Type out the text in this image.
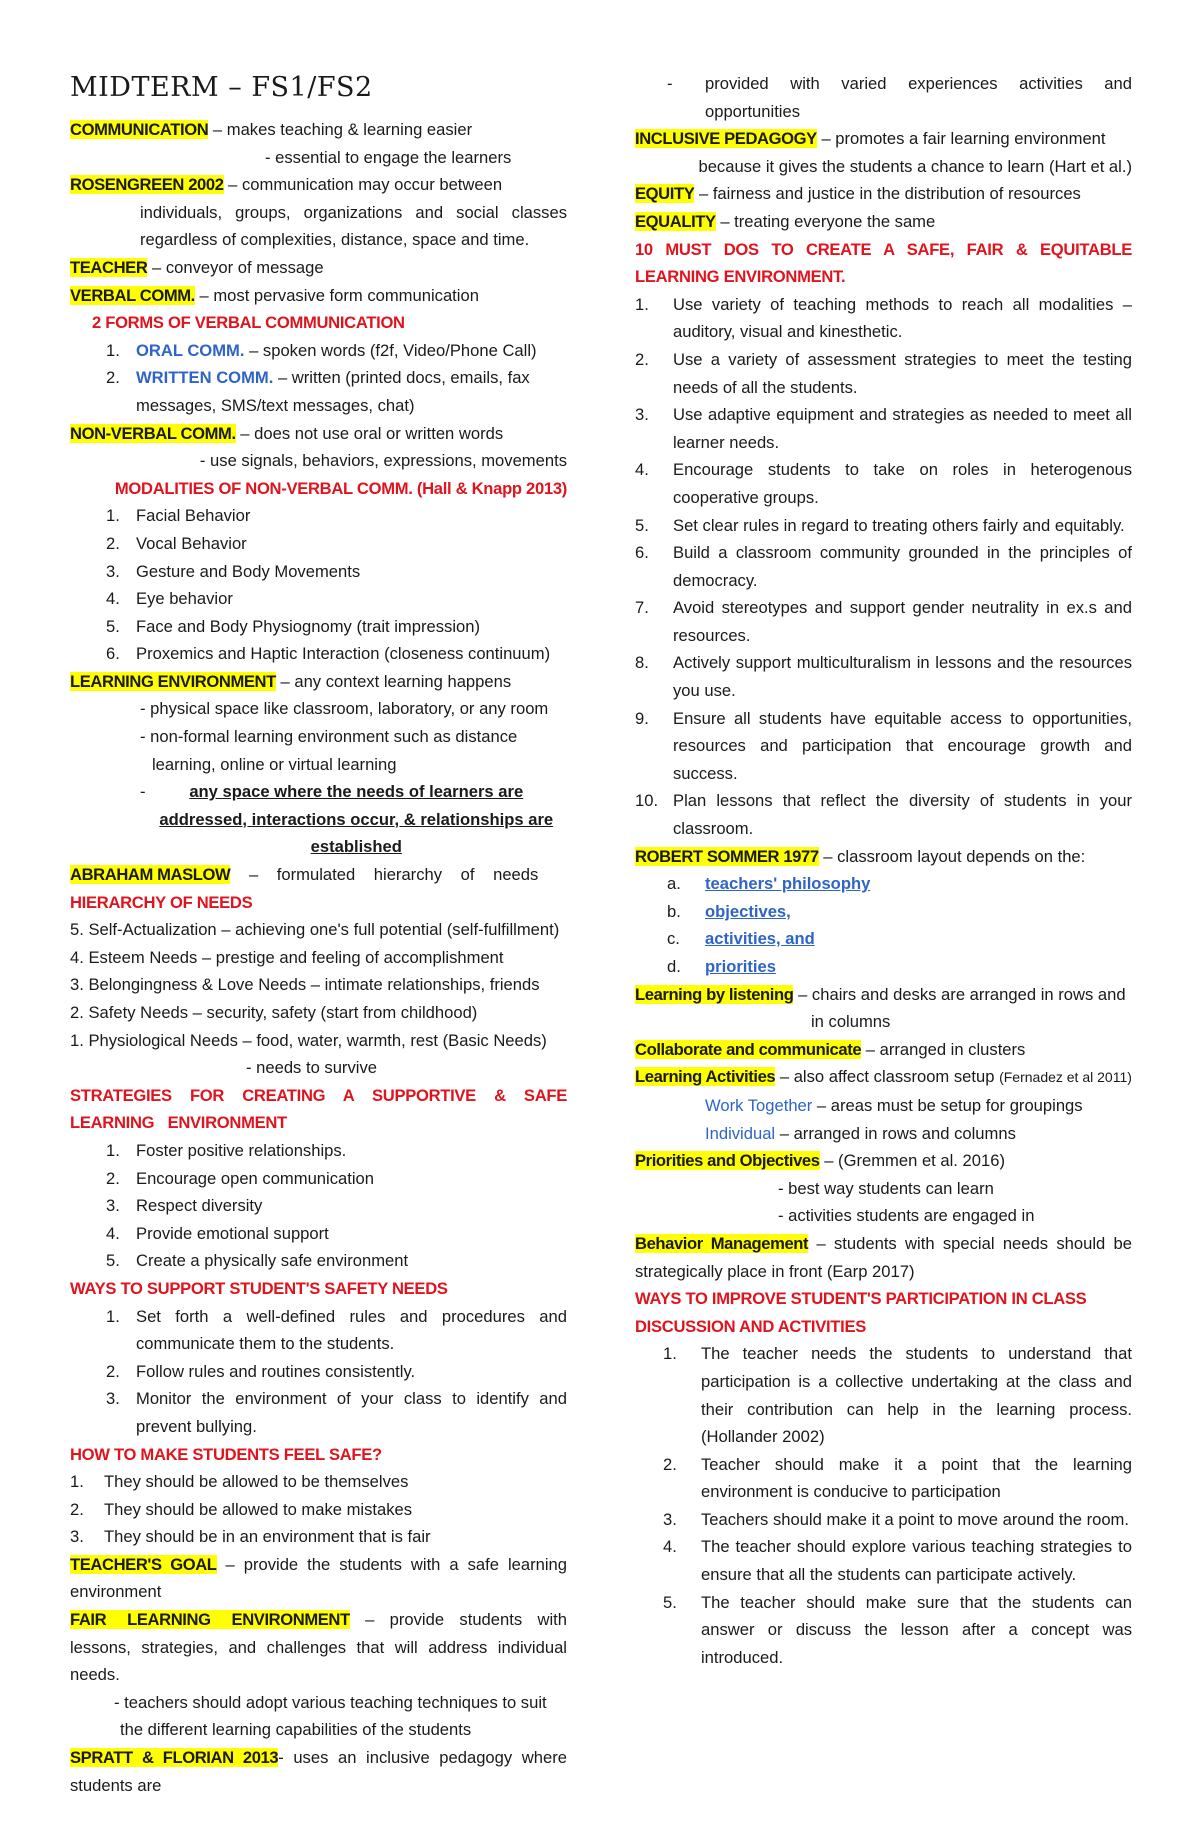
MIDTERM – FS1/FS2

COMMUNICATION – makes teaching & learning easier

- essential to engage the learners

ROSENGREEN 2002 – communication may occur between

individuals, groups, organizations and social classes regardless of complexities, distance, space and time.

TEACHER – conveyor of message

VERBAL COMM. – most pervasive form communication

2 FORMS OF VERBAL COMMUNICATION

1. ORAL COMM. – spoken words (f2f, Video/Phone Call)
2. WRITTEN COMM. – written (printed docs, emails, fax messages, SMS/text messages, chat)

NON-VERBAL COMM. – does not use oral or written words

- use signals, behaviors, expressions, movements

MODALITIES OF NON-VERBAL COMM. (Hall & Knapp 2013)

1. Facial Behavior
2. Vocal Behavior
3. Gesture and Body Movements
4. Eye behavior
5. Face and Body Physiognomy (trait impression)
6. Proxemics and Haptic Interaction (closeness continuum)

LEARNING ENVIRONMENT – any context learning happens

- physical space like classroom, laboratory, or any room

- non-formal learning environment such as distance

learning, online or virtual learning

-	any space where the needs of learners are addressed, interactions occur, & relationships are established

ABRAHAM MASLOW – formulated hierarchy of needs

HIERARCHY OF NEEDS

5. Self-Actualization – achieving one's full potential (self-fulfillment)

4. Esteem Needs – prestige and feeling of accomplishment

3. Belongingness & Love Needs – intimate relationships, friends

2. Safety Needs – security, safety (start from childhood)

1. Physiological Needs – food, water, warmth, rest (Basic Needs)

- needs to survive

STRATEGIES FOR CREATING A SUPPORTIVE & SAFE LEARNING ENVIRONMENT

1. Foster positive relationships.
2. Encourage open communication
3. Respect diversity
4. Provide emotional support
5. Create a physically safe environment

WAYS TO SUPPORT STUDENT'S SAFETY NEEDS

1. Set forth a well-defined rules and procedures and communicate them to the students.
2. Follow rules and routines consistently.
3. Monitor the environment of your class to identify and prevent bullying.

HOW TO MAKE STUDENTS FEEL SAFE?

1.	They should be allowed to be themselves
2.	They should be allowed to make mistakes
3.	They should be in an environment that is fair

TEACHER'S GOAL – provide the students with a safe learning environment

FAIR LEARNING ENVIRONMENT – provide students with lessons, strategies, and challenges that will address individual needs.

- teachers should adopt various teaching techniques to suit the different learning capabilities of the students

SPRATT & FLORIAN 2013- uses an inclusive pedagogy where students are

-	provided with varied experiences activities and opportunities

INCLUSIVE PEDAGOGY – promotes a fair learning environment

because it gives the students a chance to learn (Hart et al.)

EQUITY – fairness and justice in the distribution of resources

EQUALITY – treating everyone the same

10 MUST DOS TO CREATE A SAFE, FAIR & EQUITABLE LEARNING ENVIRONMENT.

1.	Use variety of teaching methods to reach all modalities – auditory, visual and kinesthetic.
2.	Use a variety of assessment strategies to meet the testing needs of all the students.
3.	Use adaptive equipment and strategies as needed to meet all learner needs.
4.	Encourage students to take on roles in heterogenous cooperative groups.
5.	Set clear rules in regard to treating others fairly and equitably.
6.	Build a classroom community grounded in the principles of democracy.
7.	Avoid stereotypes and support gender neutrality in ex.s and resources.
8.	Actively support multiculturalism in lessons and the resources you use.
9.	Ensure all students have equitable access to opportunities, resources and participation that encourage growth and success.
10. Plan lessons that reflect the diversity of students in your classroom.

ROBERT SOMMER 1977 – classroom layout depends on the:

a.	teachers' philosophy
b.	objectives,
c.	activities, and
d.	priorities

Learning by listening – chairs and desks are arranged in rows and

in columns

Collaborate and communicate – arranged in clusters

Learning Activities – also affect classroom setup (Fernadez et al 2011)

Work Together – areas must be setup for groupings

Individual – arranged in rows and columns

Priorities and Objectives – (Gremmen et al. 2016)

- best way students can learn

- activities students are engaged in

Behavior Management – students with special needs should be strategically place in front (Earp 2017)

WAYS TO IMPROVE STUDENT'S PARTICIPATION IN CLASS DISCUSSION AND ACTIVITIES

1.	The teacher needs the students to understand that participation is a collective undertaking at the class and their contribution can help in the learning process. (Hollander 2002)
2.	Teacher should make it a point that the learning environment is conducive to participation
3.	Teachers should make it a point to move around the room.
4.	The teacher should explore various teaching strategies to ensure that all the students can participate actively.
5.	The teacher should make sure that the students can answer or discuss the lesson after a concept was introduced.
